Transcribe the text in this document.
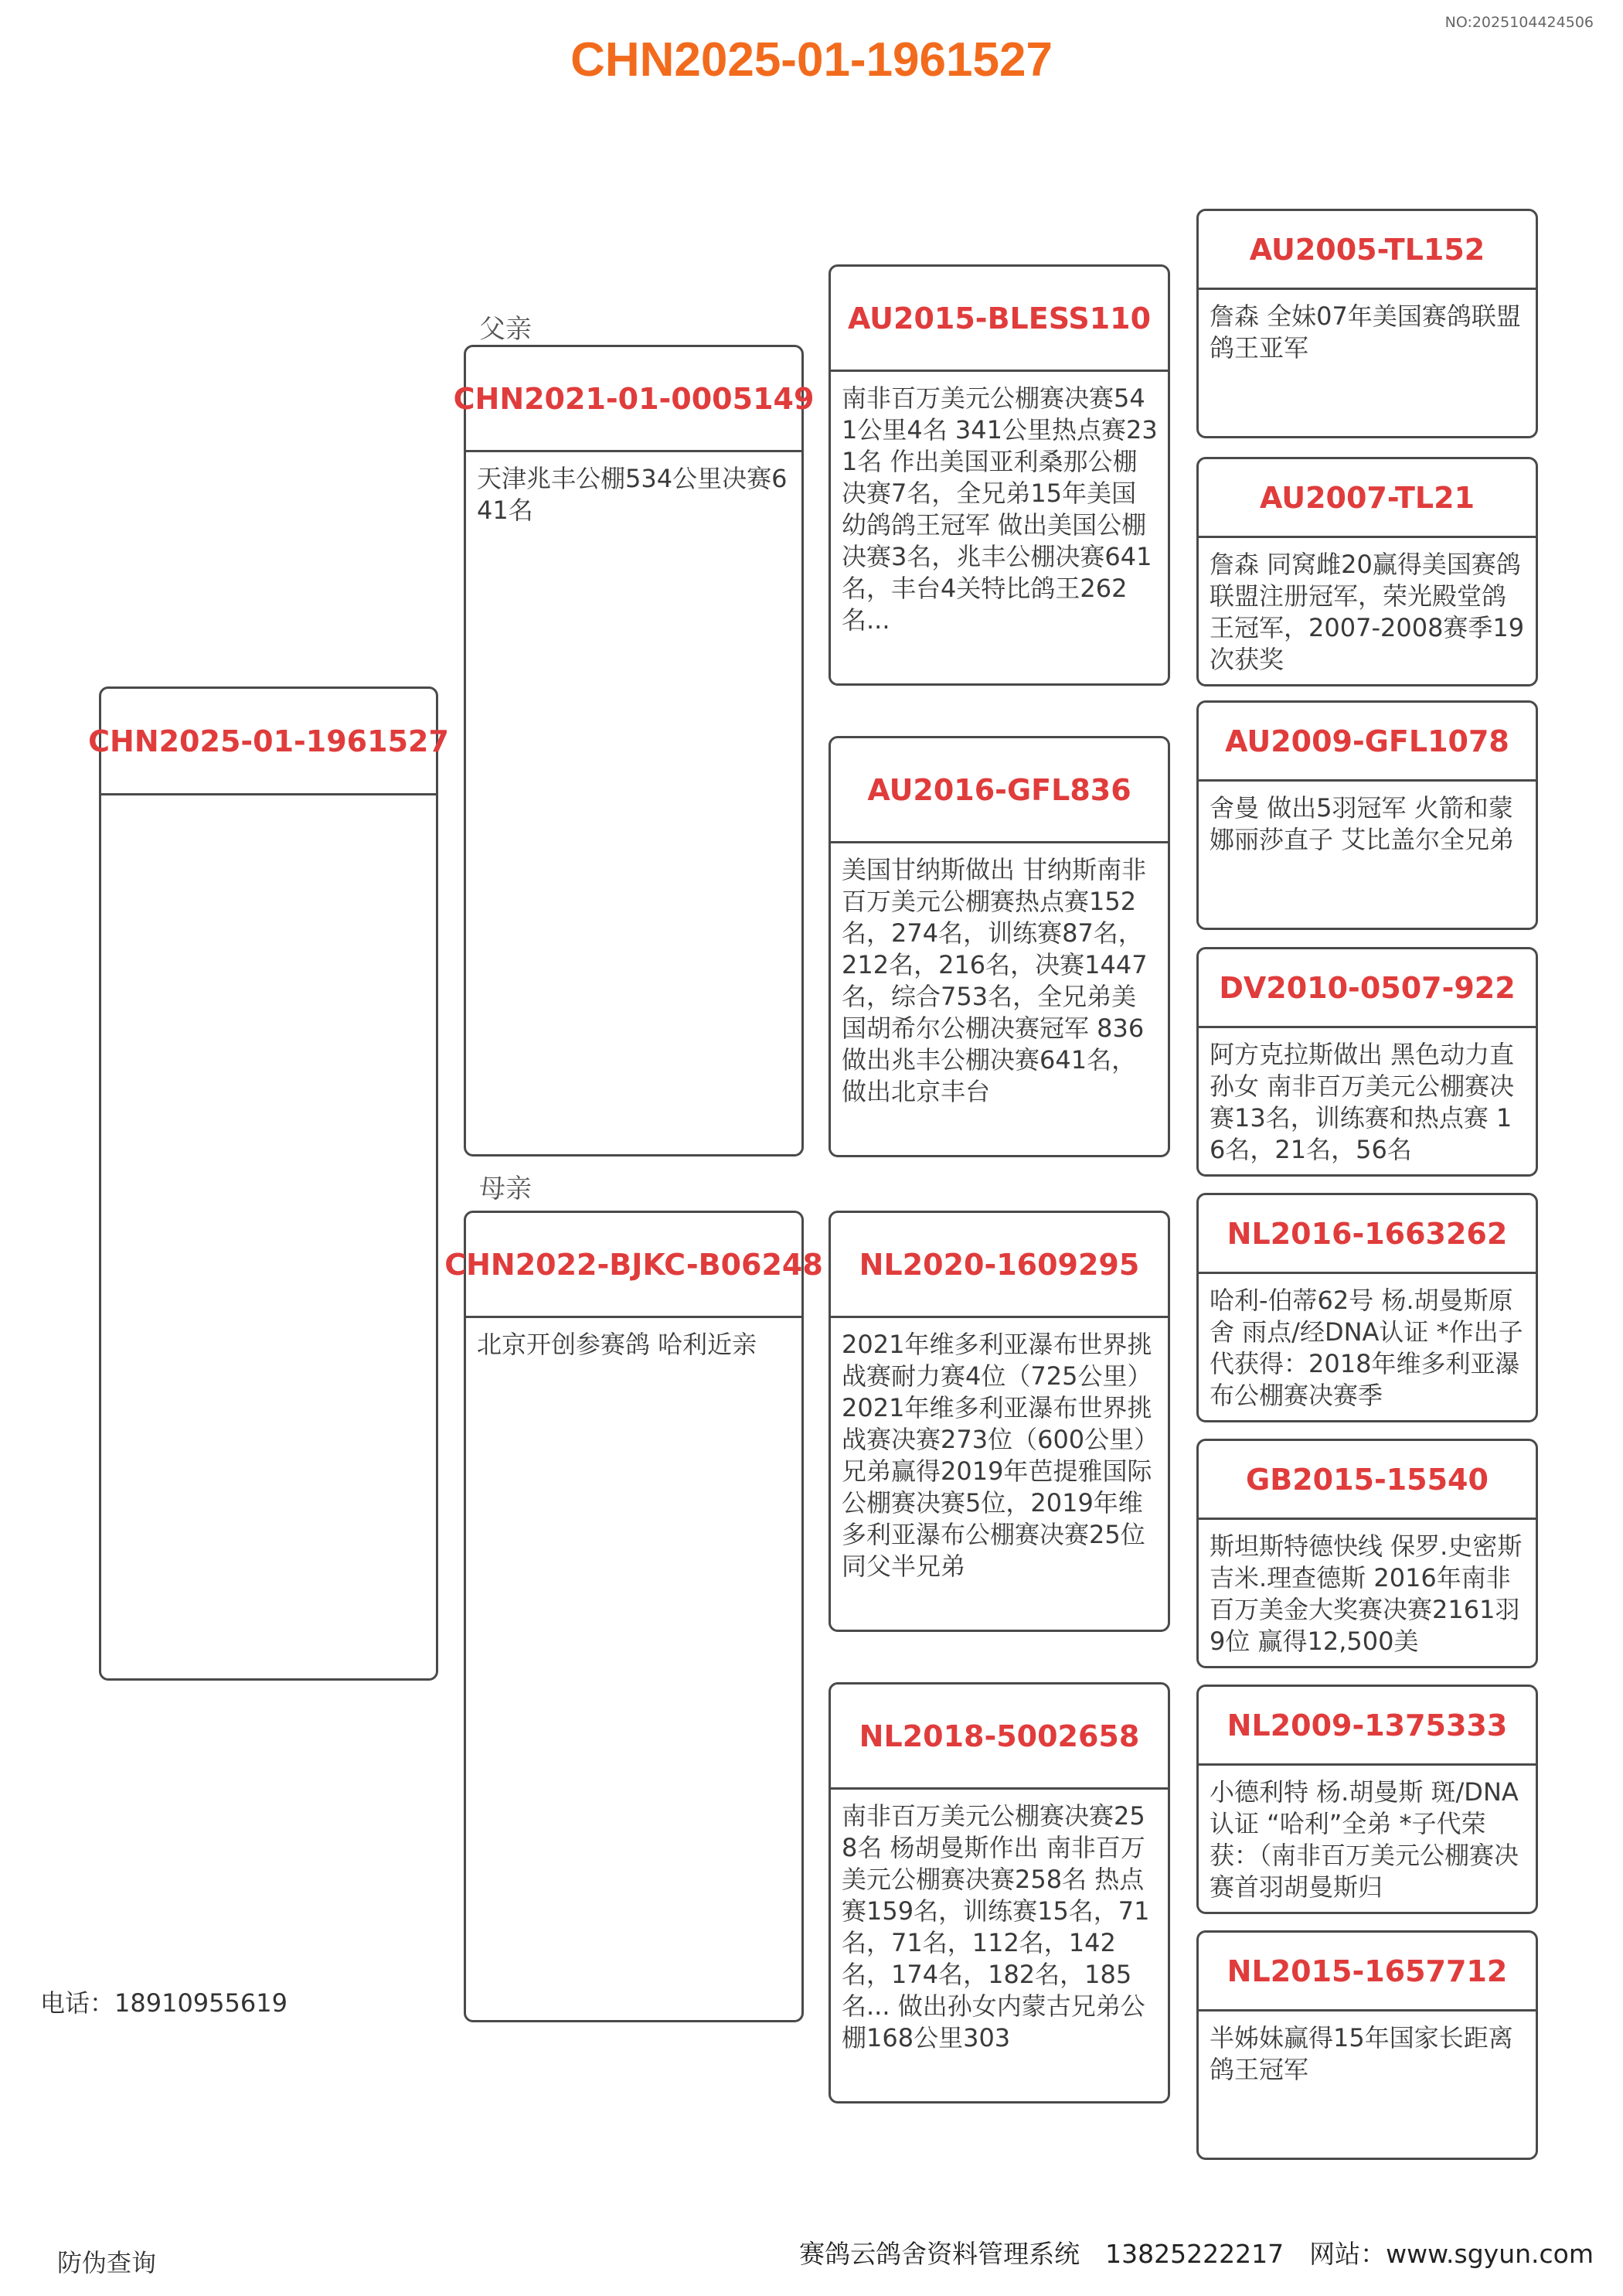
NO:2025104424506
CHN2025-01-1961527
父亲
母亲
CHN2025-01-1961527
CHN2021-01-0005149
天津兆丰公棚534公里决赛641名
CHN2022-BJKC-B06248
北京开创参赛鸽 哈利近亲
AU2015-BLESS110
南非百万美元公棚赛决赛541公里4名 341公里热点赛231名 作出美国亚利桑那公棚决赛7名，全兄弟15年美国幼鸽鸽王冠军 做出美国公棚决赛3名，兆丰公棚决赛641名，丰台4关特比鸽王262名...
AU2016-GFL836
美国甘纳斯做出 甘纳斯南非百万美元公棚赛热点赛152名，274名，训练赛87名，212名，216名，决赛1447名，综合753名，全兄弟美国胡希尔公棚决赛冠军 836做出兆丰公棚决赛641名，做出北京丰台
NL2020-1609295
2021年维多利亚瀑布世界挑战赛耐力赛4位（725公里）2021年维多利亚瀑布世界挑战赛决赛273位（600公里）兄弟赢得2019年芭提雅国际公棚赛决赛5位，2019年维多利亚瀑布公棚赛决赛25位同父半兄弟
NL2018-5002658
南非百万美元公棚赛决赛258名 杨胡曼斯作出 南非百万美元公棚赛决赛258名 热点赛159名，训练赛15名，71名，71名，112名，142名，174名，182名，185名... 做出孙女内蒙古兄弟公棚168公里303
AU2005-TL152
詹森 全妹07年美国赛鸽联盟鸽王亚军
AU2007-TL21
詹森 同窝雌20赢得美国赛鸽联盟注册冠军，荣光殿堂鸽王冠军，2007-2008赛季19次获奖
AU2009-GFL1078
舍曼 做出5羽冠军 火箭和蒙娜丽莎直子 艾比盖尔全兄弟
DV2010-0507-922
阿方克拉斯做出 黑色动力直孙女 南非百万美元公棚赛决赛13名，训练赛和热点赛 16名，21名，56名
NL2016-1663262
哈利-伯蒂62号 杨.胡曼斯原舍 雨点/经DNA认证 *作出子代获得：2018年维多利亚瀑布公棚赛决赛季
GB2015-15540
斯坦斯特德快线 保罗.史密斯 吉米.理查德斯 2016年南非百万美金大奖赛决赛2161羽9位 赢得12,500美
NL2009-1375333
小德利特 杨.胡曼斯 斑/DNA认证 “哈利”全弟 *子代荣获：（南非百万美元公棚赛决赛首羽胡曼斯归
NL2015-1657712
半姊妹赢得15年国家长距离鸽王冠军
电话：18910955619
防伪查询	赛鸽云鸽舍资料管理系统　13825222217　网站：www.sgyun.com
